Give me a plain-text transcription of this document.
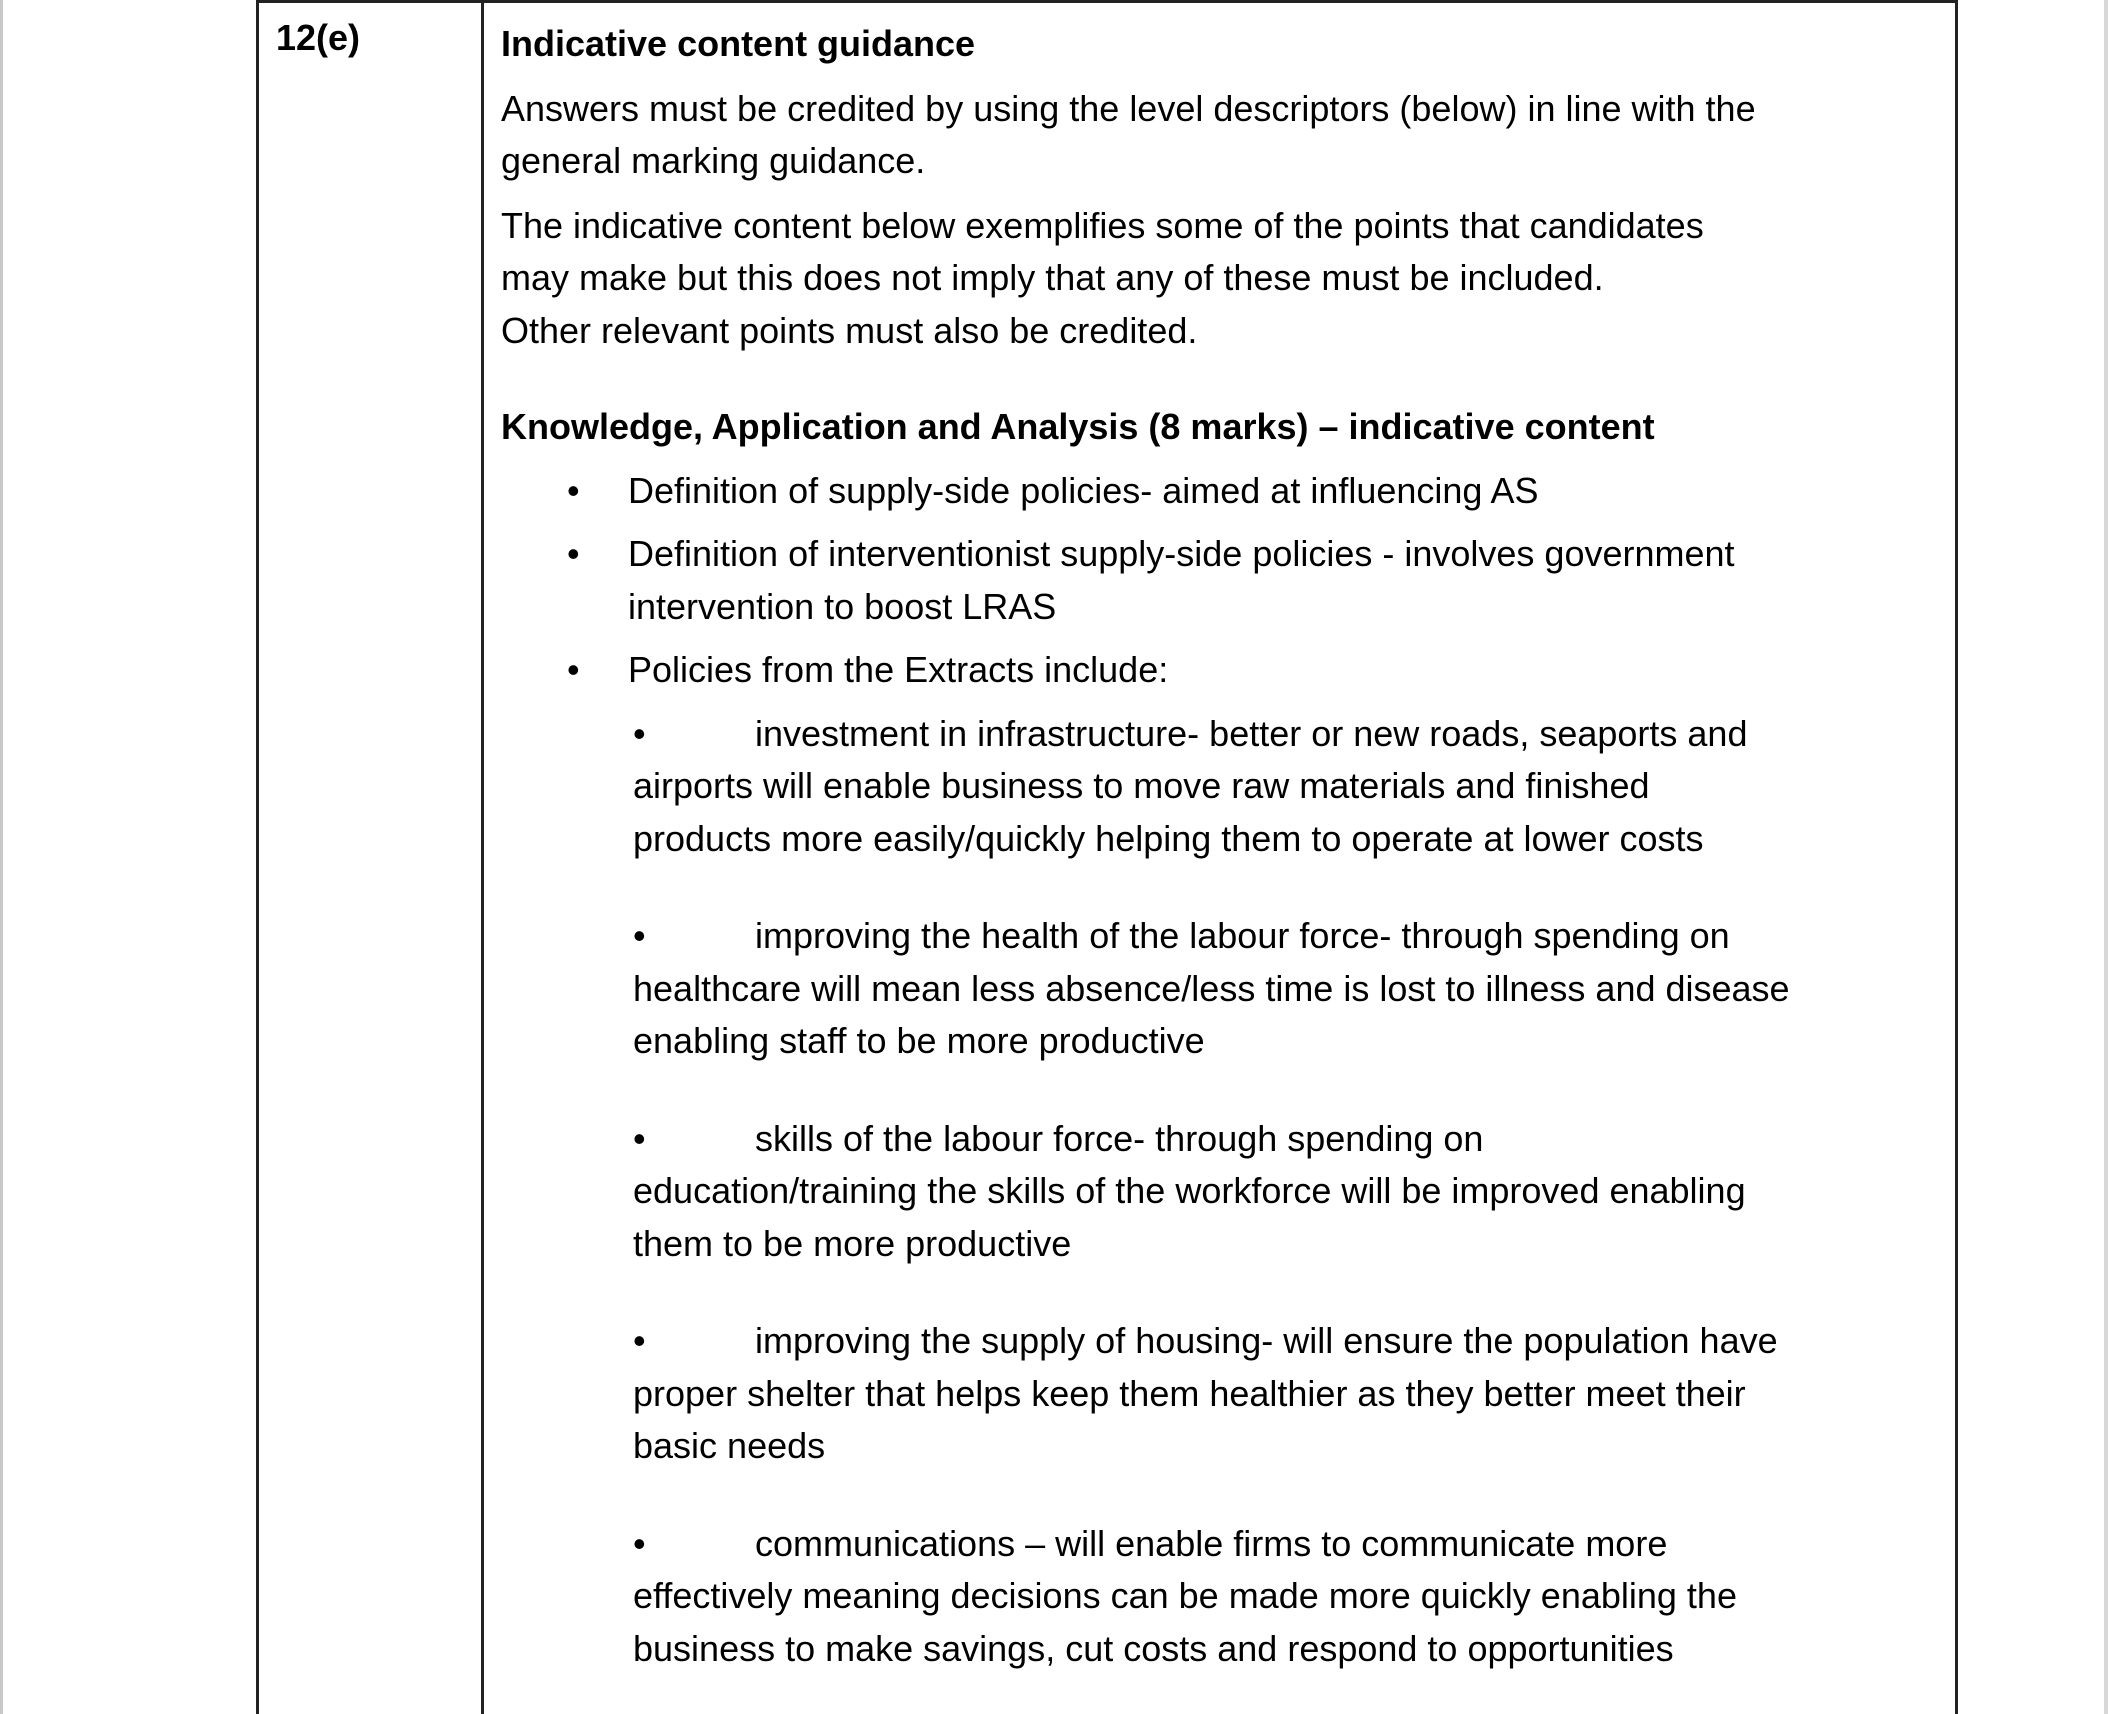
12(e)	Indicative content guidance
Answers must be credited by using the level descriptors (below) in line with the
general marking guidance.
The indicative content below exemplifies some of the points that candidates
may make but this does not imply that any of these must be included.
Other relevant points must also be credited.
Knowledge, Application and Analysis (8 marks) – indicative content
• Definition of supply-side policies- aimed at influencing AS
• Definition of interventionist supply-side policies - involves government
intervention to boost LRAS
• Policies from the Extracts include:
•	investment in infrastructure- better or new roads, seaports and
airports will enable business to move raw materials and finished
products more easily/quickly helping them to operate at lower costs
•	improving the health of the labour force- through spending on
healthcare will mean less absence/less time is lost to illness and disease
enabling staff to be more productive
•	skills of the labour force- through spending on
education/training the skills of the workforce will be improved enabling
them to be more productive
•	improving the supply of housing- will ensure the population have
proper shelter that helps keep them healthier as they better meet their
basic needs
•	communications – will enable firms to communicate more
effectively meaning decisions can be made more quickly enabling the
business to make savings, cut costs and respond to opportunities
